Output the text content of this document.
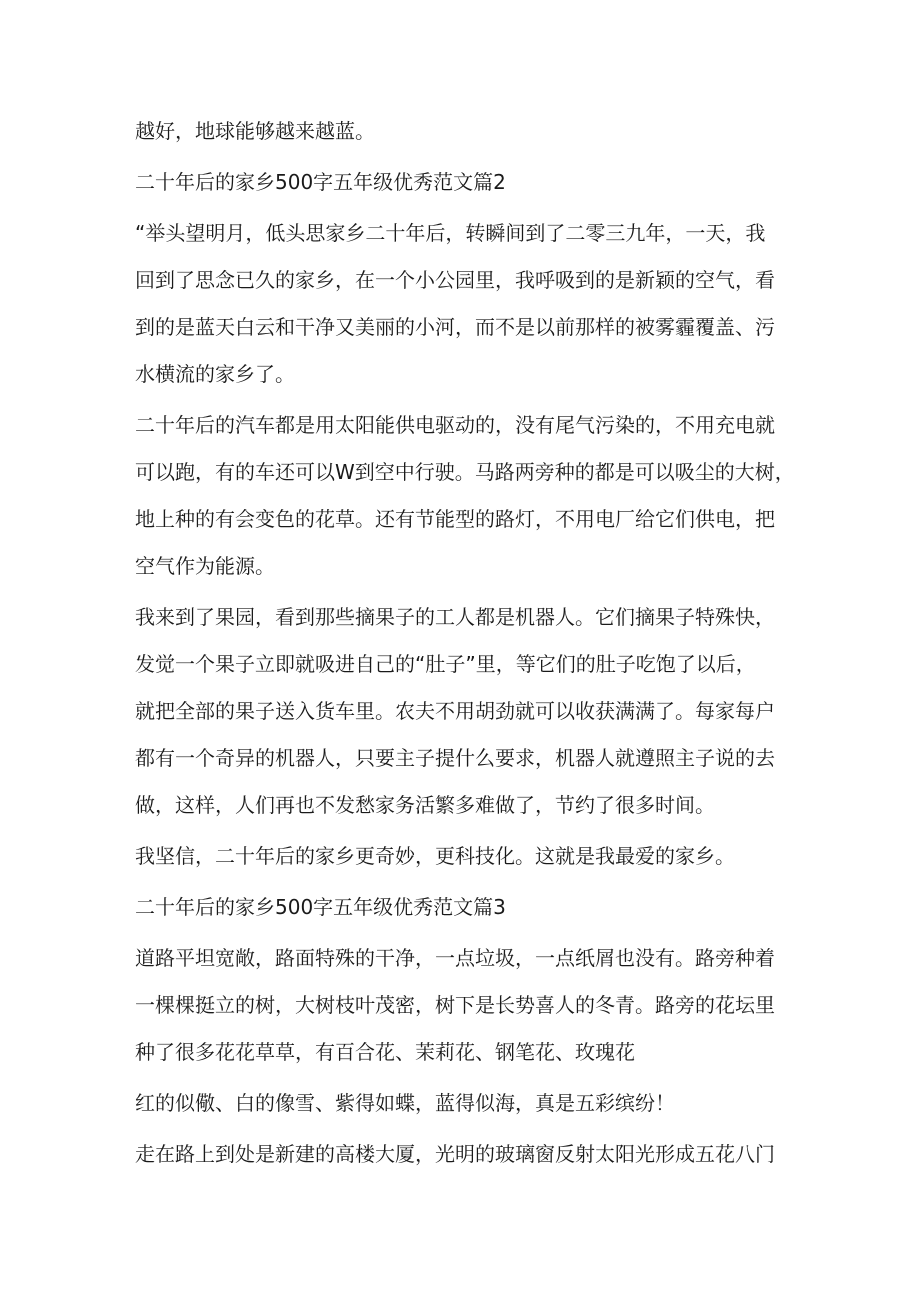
越好，地球能够越来越蓝。

二十年后的家乡500字五年级优秀范文篇2

“举头望明月，低头思家乡二十年后，转瞬间到了二零三九年，一天，我
回到了思念已久的家乡，在一个小公园里，我呼吸到的是新颖的空气，看
到的是蓝天白云和干净又美丽的小河，而不是以前那样的被雾霾覆盖、污
水横流的家乡了。

二十年后的汽车都是用太阳能供电驱动的，没有尾气污染的，不用充电就
可以跑，有的车还可以W到空中行驶。马路两旁种的都是可以吸尘的大树，
地上种的有会变色的花草。还有节能型的路灯，不用电厂给它们供电，把
空气作为能源。

我来到了果园，看到那些摘果子的工人都是机器人。它们摘果子特殊快，
发觉一个果子立即就吸进自己的“肚子”里，等它们的肚子吃饱了以后，
就把全部的果子送入货车里。农夫不用胡劲就可以收获满满了。每家每户
都有一个奇异的机器人，只要主子提什么要求，机器人就遵照主子说的去
做，这样，人们再也不发愁家务活繁多难做了，节约了很多时间。

我坚信，二十年后的家乡更奇妙，更科技化。这就是我最爱的家乡。

二十年后的家乡500字五年级优秀范文篇3

道路平坦宽敞，路面特殊的干净，一点垃圾，一点纸屑也没有。路旁种着
一棵棵挺立的树，大树枝叶茂密，树下是长势喜人的冬青。路旁的花坛里
种了很多花花草草，有百合花、茉莉花、钢笔花、玫瑰花

红的似儆、白的像雪、紫得如蝶，蓝得似海，真是五彩缤纷！

走在路上到处是新建的高楼大厦，光明的玻璃窗反射太阳光形成五花八门
